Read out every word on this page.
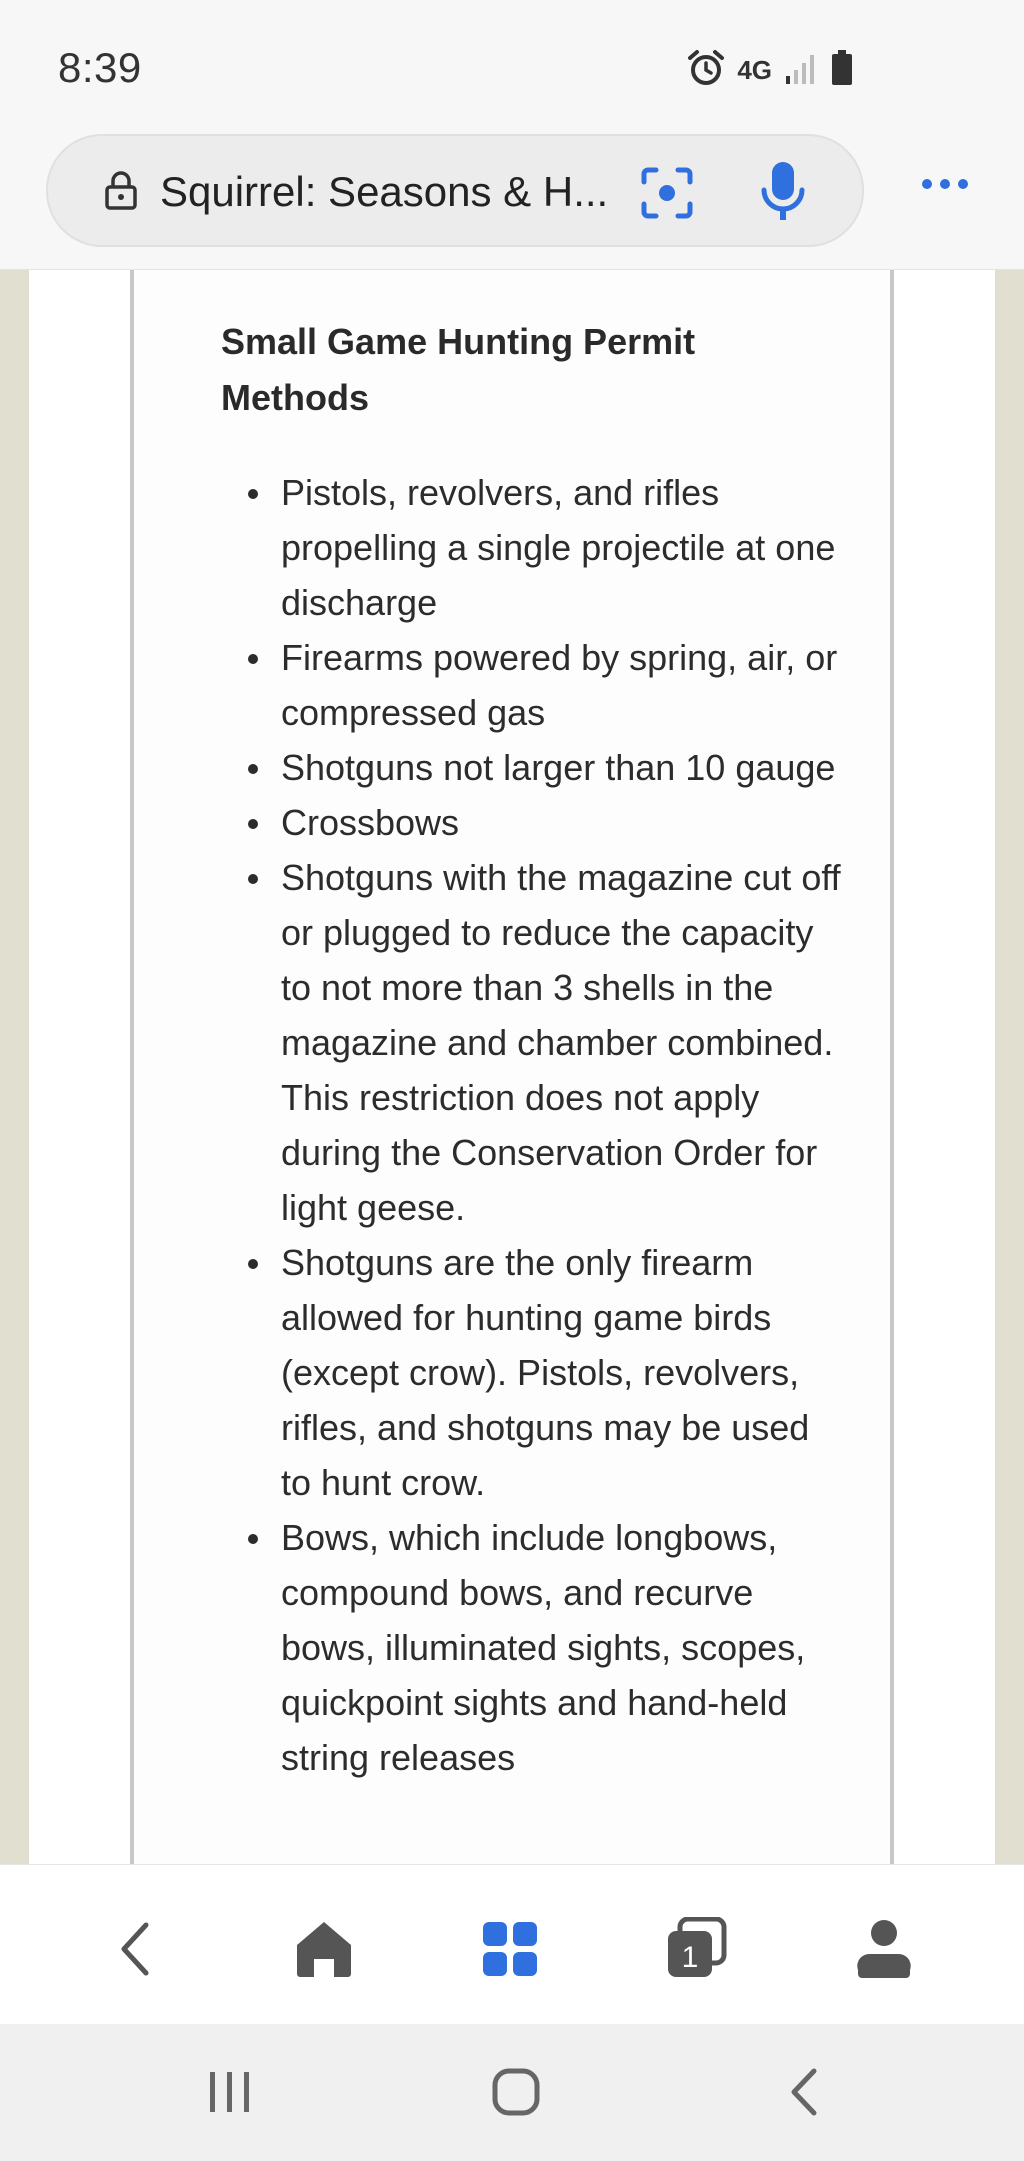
8:39	4G
Squirrel: Seasons & H...
Small Game Hunting Permit Methods
Pistols, revolvers, and rifles propelling a single projectile at one discharge
Firearms powered by spring, air, or compressed gas
Shotguns not larger than 10 gauge
Crossbows
Shotguns with the magazine cut off or plugged to reduce the capacity to not more than 3 shells in the magazine and chamber combined. This restriction does not apply during the Conservation Order for light geese.
Shotguns are the only firearm allowed for hunting game birds (except crow). Pistols, revolvers, rifles, and shotguns may be used to hunt crow.
Bows, which include longbows, compound bows, and recurve bows, illuminated sights, scopes, quickpoint sights and hand-held string releases
1
